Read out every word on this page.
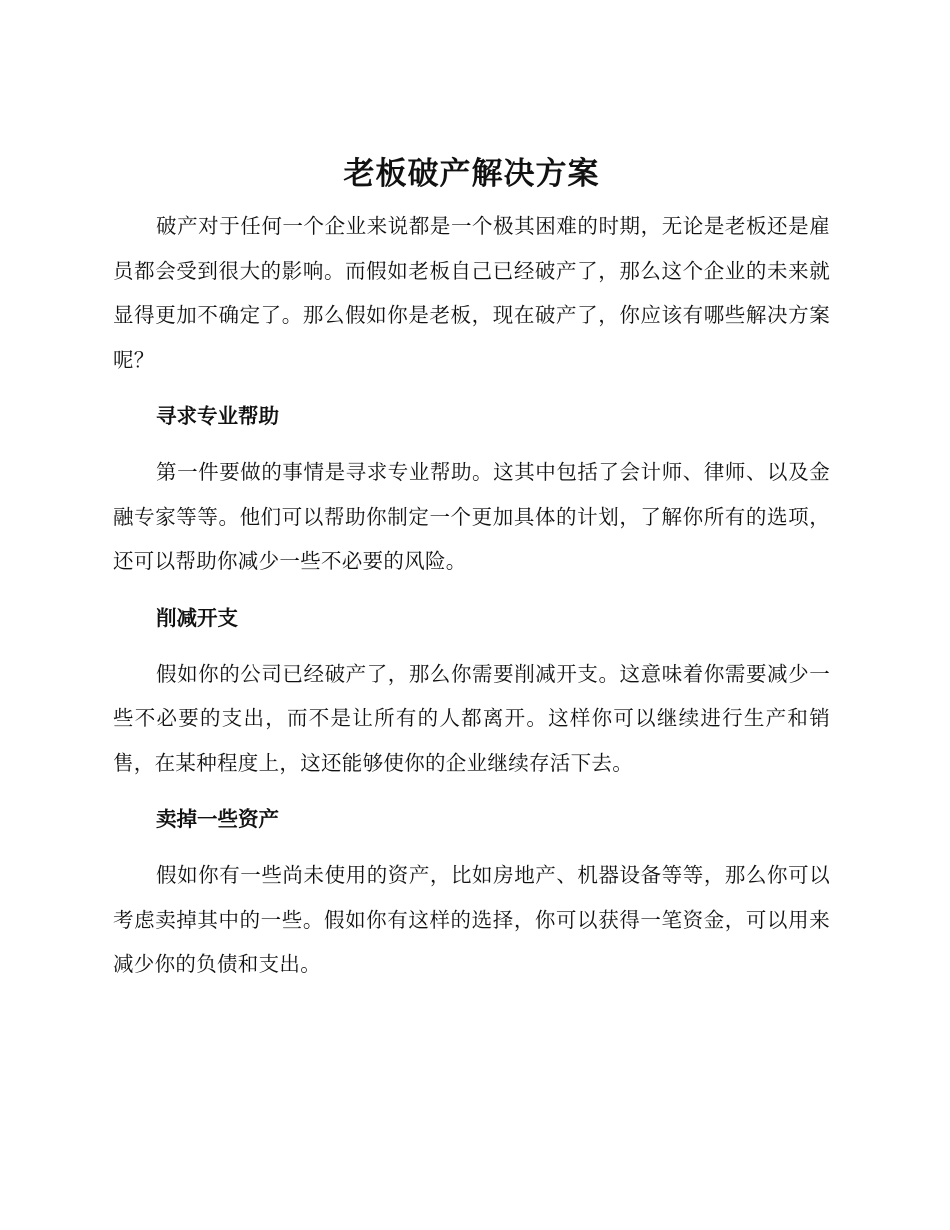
老板破产解决方案

破产对于任何一个企业来说都是一个极其困难的时期，无论是老板还是雇员都会受到很大的影响。而假如老板自己已经破产了，那么这个企业的未来就显得更加不确定了。那么假如你是老板，现在破产了，你应该有哪些解决方案呢？

寻求专业帮助

第一件要做的事情是寻求专业帮助。这其中包括了会计师、律师、以及金融专家等等。他们可以帮助你制定一个更加具体的计划，了解你所有的选项，还可以帮助你减少一些不必要的风险。

削减开支

假如你的公司已经破产了，那么你需要削减开支。这意味着你需要减少一些不必要的支出，而不是让所有的人都离开。这样你可以继续进行生产和销售，在某种程度上，这还能够使你的企业继续存活下去。

卖掉一些资产

假如你有一些尚未使用的资产，比如房地产、机器设备等等，那么你可以考虑卖掉其中的一些。假如你有这样的选择，你可以获得一笔资金，可以用来减少你的负债和支出。
